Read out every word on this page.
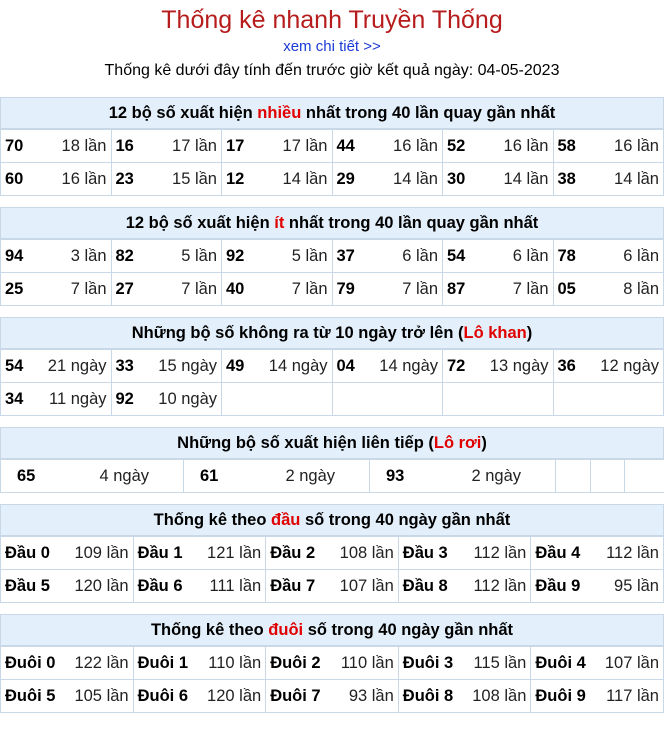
Thống kê nhanh Truyền Thống
xem chi tiết >>
Thống kê dưới đây tính đến trước giờ kết quả ngày: 04-05-2023
12 bộ số xuất hiện nhiều nhất trong 40 lần quay gần nhất
70 18 lần	16 17 lần	17 17 lần	44 16 lần	52 16 lần	58 16 lần

60 16 lần	23 15 lần	12 14 lần	29 14 lần	30 14 lần	38 14 lần
12 bộ số xuất hiện ít nhất trong 40 lần quay gần nhất
94 3 lần	82 5 lần	92 5 lần	37 6 lần	54 6 lần	78 6 lần

25 7 lần	27 7 lần	40 7 lần	79 7 lần	87 7 lần	05 8 lần
Những bộ số không ra từ 10 ngày trở lên (Lô khan)
54 21 ngày	33 15 ngày	49 14 ngày	04 14 ngày	72 13 ngày	36 12 ngày

34 11 ngày	92 10 ngày				

Những bộ số xuất hiện liên tiếp (Lô rơi)
65	4 ngày	61	2 ngày	93	2 ngày

Thống kê theo đầu số trong 40 ngày gần nhất
Đầu 0 109 lần	Đầu 1 121 lần	Đầu 2 108 lần	Đầu 3 112 lần	Đầu 4 112 lần

Đầu 5 120 lần	Đầu 6 111 lần	Đầu 7 107 lần	Đầu 8 112 lần	Đầu 9 95 lần
Thống kê theo đuôi số trong 40 ngày gần nhất
Đuôi 0 122 lần	Đuôi 1 110 lần	Đuôi 2 110 lần	Đuôi 3 115 lần	Đuôi 4 107 lần

Đuôi 5 105 lần	Đuôi 6 120 lần	Đuôi 7 93 lần	Đuôi 8 108 lần	Đuôi 9 117 lần
